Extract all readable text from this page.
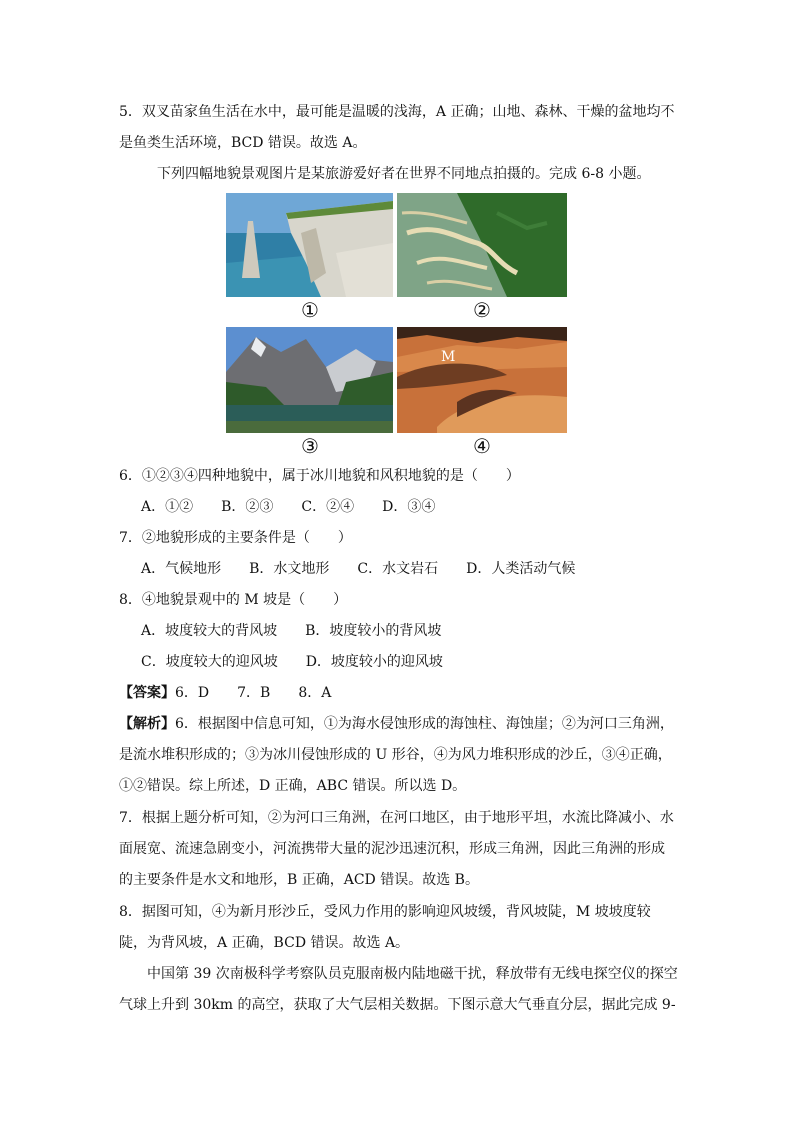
5．双叉苗家鱼生活在水中，最可能是温暖的浅海，A 正确；山地、森林、干燥的盆地均不
是鱼类生活环境，BCD 错误。故选 A。
下列四幅地貌景观图片是某旅游爱好者在世界不同地点拍摄的。完成 6-8 小题。
①	②
M
③	④
6．①②③④四种地貌中，属于冰川地貌和风积地貌的是（　　）
A．①②　　B．②③　　C．②④　　D．③④
7．②地貌形成的主要条件是（　　）
A．气候地形　　B．水文地形　　C．水文岩石　　D．人类活动气候
8．④地貌景观中的 M 坡是（　　）
A．坡度较大的背风坡　　B．坡度较小的背风坡
C．坡度较大的迎风坡　　D．坡度较小的迎风坡
【答案】6．D　　7．B　　8．A
【解析】6．根据图中信息可知，①为海水侵蚀形成的海蚀柱、海蚀崖；②为河口三角洲，
是流水堆积形成的；③为冰川侵蚀形成的 U 形谷，④为风力堆积形成的沙丘，③④正确，
①②错误。综上所述，D 正确，ABC 错误。所以选 D。
7．根据上题分析可知，②为河口三角洲，在河口地区，由于地形平坦，水流比降减小、水
面展宽、流速急剧变小，河流携带大量的泥沙迅速沉积，形成三角洲，因此三角洲的形成
的主要条件是水文和地形，B 正确，ACD 错误。故选 B。
8．据图可知，④为新月形沙丘，受风力作用的影响迎风坡缓，背风坡陡，M 坡坡度较
陡，为背风坡，A 正确，BCD 错误。故选 A。
中国第 39 次南极科学考察队员克服南极内陆地磁干扰，释放带有无线电探空仪的探空
气球上升到 30km 的高空，获取了大气层相关数据。下图示意大气垂直分层，据此完成 9-
